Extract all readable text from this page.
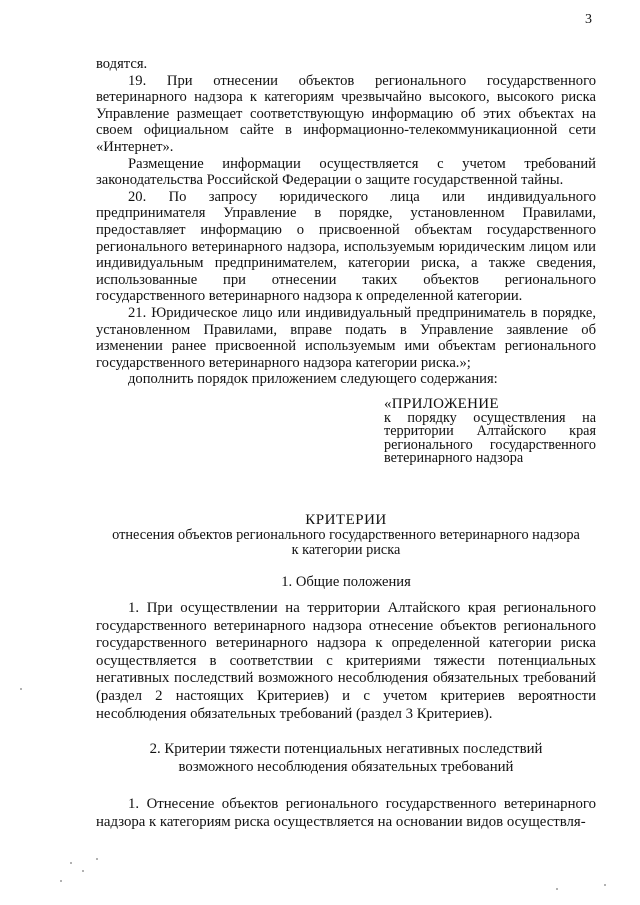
3

водятся.

19. При отнесении объектов регионального государственного ветеринарного надзора к категориям чрезвычайно высокого, высокого риска Управление размещает соответствующую информацию об этих объектах на своем официальном сайте в информационно-телекоммуникационной сети «Интернет».

Размещение информации осуществляется с учетом требований законодательства Российской Федерации о защите государственной тайны.

20. По запросу юридического лица или индивидуального предпринимателя Управление в порядке, установленном Правилами, предоставляет информацию о присвоенной объектам государственного регионального ветеринарного надзора, используемым юридическим лицом или индивидуальным предпринимателем, категории риска, а также сведения, использованные при отнесении таких объектов регионального государственного ветеринарного надзора к определенной категории.

21. Юридическое лицо или индивидуальный предприниматель в порядке, установленном Правилами, вправе подать в Управление заявление об изменении ранее присвоенной используемым ими объектам регионального государственного ветеринарного надзора категории риска.»;

дополнить порядок приложением следующего содержания:

«ПРИЛОЖЕНИЕ
к порядку осуществления на территории Алтайского края регионального государственного ветеринарного надзора
КРИТЕРИИ
отнесения объектов регионального государственного ветеринарного надзора
к категории риска
1. Общие положения

1. При осуществлении на территории Алтайского края регионального государственного ветеринарного надзора отнесение объектов регионального государственного ветеринарного надзора к определенной категории риска осуществляется в соответствии с критериями тяжести потенциальных негативных последствий возможного несоблюдения обязательных требований (раздел 2 настоящих Критериев) и с учетом критериев вероятности несоблюдения обязательных требований (раздел 3 Критериев).

2. Критерии тяжести потенциальных негативных последствий
возможного несоблюдения обязательных требований

1. Отнесение объектов регионального государственного ветеринарного надзора к категориям риска осуществляется на основании видов осуществля-
